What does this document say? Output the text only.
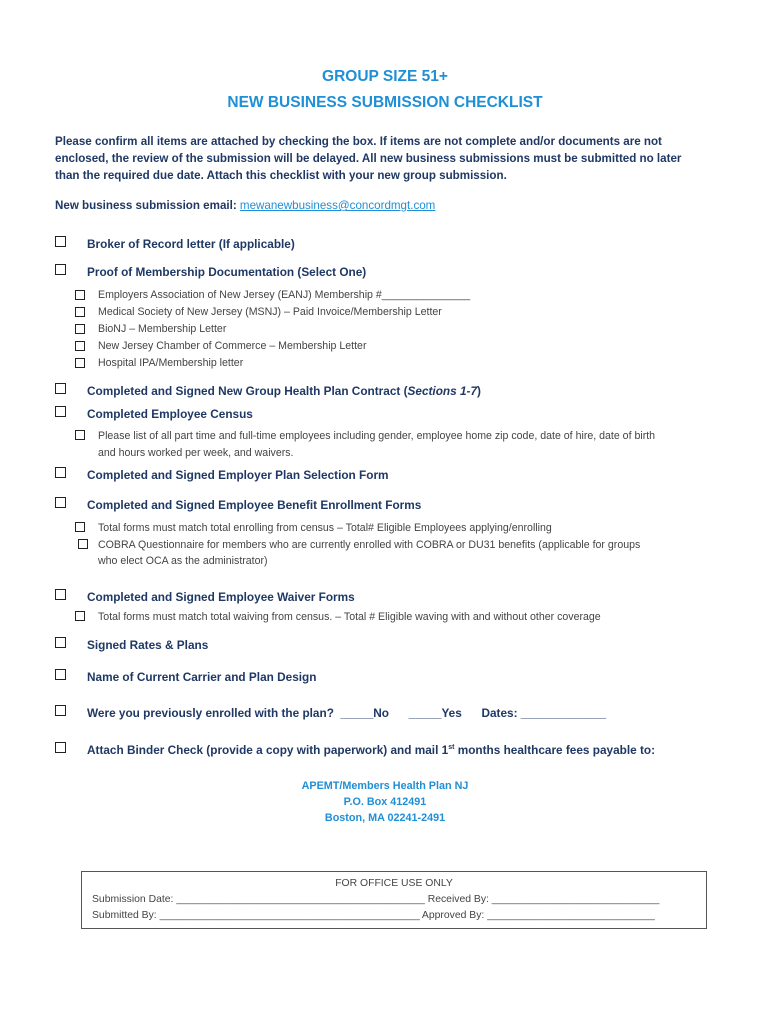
GROUP SIZE 51+
NEW BUSINESS SUBMISSION CHECKLIST
Please confirm all items are attached by checking the box. If items are not complete and/or documents are not
enclosed, the review of the submission will be delayed. All new business submissions must be submitted no later
than the required due date. Attach this checklist with your new group submission.
New business submission email: mewanewbusiness@concordmgt.com
Broker of Record letter (If applicable)
Proof of Membership Documentation (Select One)
Employers Association of New Jersey (EANJ) Membership #_______________
Medical Society of New Jersey (MSNJ) – Paid Invoice/Membership Letter
BioNJ – Membership Letter
New Jersey Chamber of Commerce – Membership Letter
Hospital IPA/Membership letter
Completed and Signed New Group Health Plan Contract (Sections 1-7)
Completed Employee Census
Please list of all part time and full-time employees including gender, employee home zip code, date of hire, date of birth
and hours worked per week, and waivers.
Completed and Signed Employer Plan Selection Form
Completed and Signed Employee Benefit Enrollment Forms
Total forms must match total enrolling from census – Total# Eligible Employees applying/enrolling
COBRA Questionnaire for members who are currently enrolled with COBRA or DU31 benefits (applicable for groups
who elect OCA as the administrator)
Completed and Signed Employee Waiver Forms
Total forms must match total waiving from census. – Total # Eligible waving with and without other coverage
Signed Rates & Plans
Name of Current Carrier and Plan Design
Were you previously enrolled with the plan?  _____No      _____Yes      Dates: _____________
Attach Binder Check (provide a copy with paperwork) and mail 1st months healthcare fees payable to:
APEMT/Members Health Plan NJ
P.O. Box 412491
Boston, MA 02241-2491
FOR OFFICE USE ONLY
Submission Date: ___________________________________________ Received By: _____________________________
Submitted By: _____________________________________________ Approved By: _____________________________
